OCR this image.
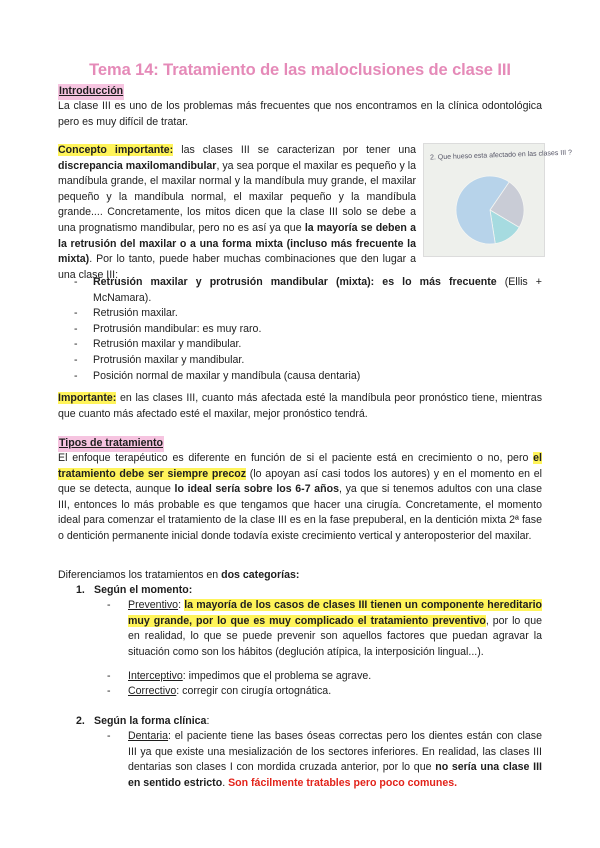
Tema 14: Tratamiento de las maloclusiones de clase III
Introducción
La clase III es uno de los problemas más frecuentes que nos encontramos en la clínica odontológica pero es muy difícil de tratar.
Concepto importante: las clases III se caracterizan por tener una discrepancia maxilomandibular, ya sea porque el maxilar es pequeño y la mandíbula grande, el maxilar normal y la mandíbula muy grande, el maxilar pequeño y la mandíbula normal, el maxilar pequeño y la mandíbula grande.... Concretamente, los mitos dicen que la clase III solo se debe a una prognatismo mandibular, pero no es así ya que la mayoría se deben a la retrusión del maxilar o a una forma mixta (incluso más frecuente la mixta). Por lo tanto, puede haber muchas combinaciones que den lugar a una clase III:
2. Que hueso esta afectado en las clases III ?
- Retrusión maxilar y protrusión mandibular (mixta): es lo más frecuente (Ellis + McNamara).
- Retrusión maxilar.
- Protrusión mandibular: es muy raro.
- Retrusión maxilar y mandibular.
- Protrusión maxilar y mandibular.
- Posición normal de maxilar y mandíbula (causa dentaria)
Importante: en las clases III, cuanto más afectada esté la mandíbula peor pronóstico tiene, mientras que cuanto más afectado esté el maxilar, mejor pronóstico tendrá.
Tipos de tratamiento
El enfoque terapéutico es diferente en función de si el paciente está en crecimiento o no, pero el tratamiento debe ser siempre precoz (lo apoyan así casi todos los autores) y en el momento en el que se detecta, aunque lo ideal sería sobre los 6-7 años, ya que si tenemos adultos con una clase III, entonces lo más probable es que tengamos que hacer una cirugía. Concretamente, el momento ideal para comenzar el tratamiento de la clase III es en la fase prepuberal, en la dentición mixta 2ª fase o dentición permanente inicial donde todavía existe crecimiento vertical y anteroposterior del maxilar.
Diferenciamos los tratamientos en dos categorías:
1. Según el momento:
-	Preventivo: la mayoría de los casos de clases III tienen un componente hereditario muy grande, por lo que es muy complicado el tratamiento preventivo, por lo que en realidad, lo que se puede prevenir son aquellos factores que puedan agravar la situación como son los hábitos (deglución atípica, la interposición lingual...).
-	Interceptivo: impedimos que el problema se agrave.
-	Correctivo: corregir con cirugía ortognática.
2. Según la forma clínica:
-	Dentaria: el paciente tiene las bases óseas correctas pero los dientes están con clase III ya que existe una mesialización de los sectores inferiores. En realidad, las clases III dentarias son clases I con mordida cruzada anterior, por lo que no sería una clase III en sentido estricto. Son fácilmente tratables pero poco comunes.
